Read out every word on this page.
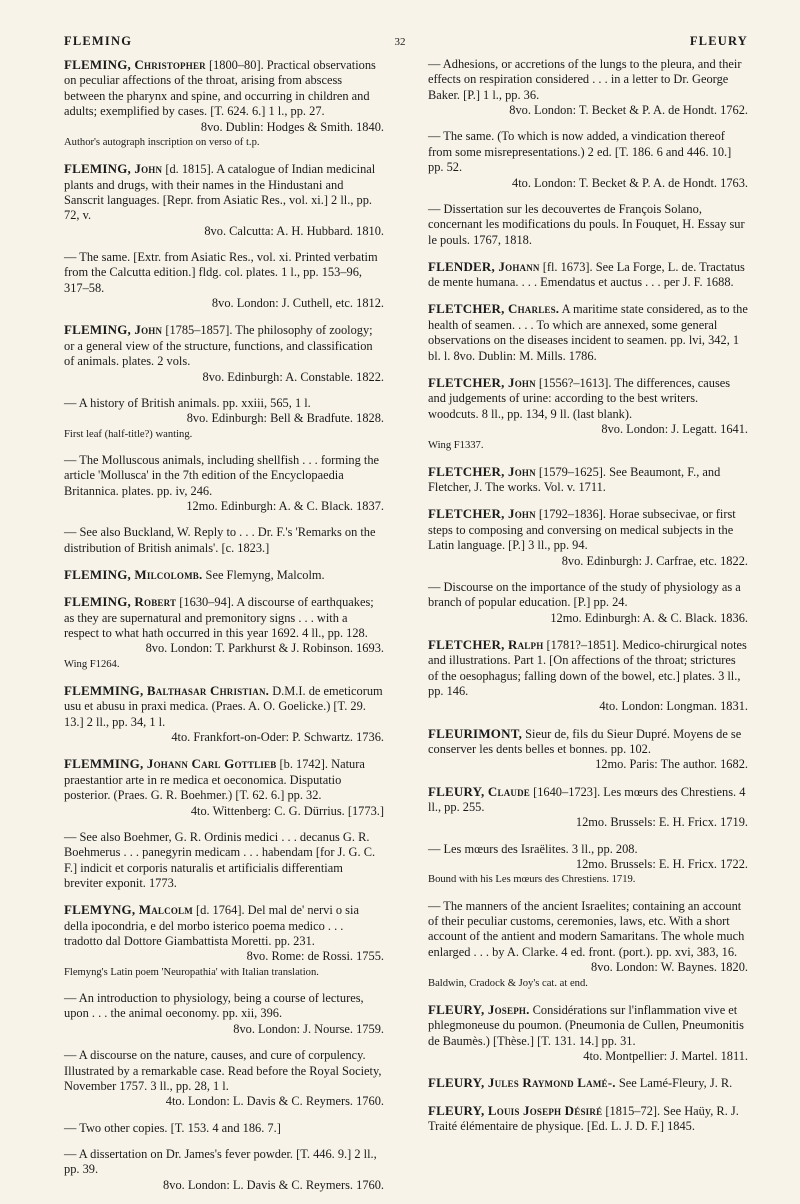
FLEMING	32	FLEURY

FLEMING, Christopher [1800–80]. Practical observations on peculiar affections of the throat, arising from abscess between the pharynx and spine, and occurring in children and adults; exemplified by cases. [T. 624. 6.] 1 l., pp. 27.

8vo. Dublin: Hodges & Smith. 1840.

Author's autograph inscription on verso of t.p.

FLEMING, John [d. 1815]. A catalogue of Indian medicinal plants and drugs, with their names in the Hindustani and Sanscrit languages. [Repr. from Asiatic Res., vol. xi.] 2 ll., pp. 72, v.

8vo. Calcutta: A. H. Hubbard. 1810.

— The same. [Extr. from Asiatic Res., vol. xi. Printed verbatim from the Calcutta edition.] fldg. col. plates. 1 l., pp. 153–96, 317–58.

8vo. London: J. Cuthell, etc. 1812.

FLEMING, John [1785–1857]. The philosophy of zoology; or a general view of the structure, functions, and classification of animals. plates. 2 vols.

8vo. Edinburgh: A. Constable. 1822.

— A history of British animals. pp. xxiii, 565, 1 l.

8vo. Edinburgh: Bell & Bradfute. 1828.

First leaf (half-title?) wanting.

— The Molluscous animals, including shellfish . . . forming the article 'Mollusca' in the 7th edition of the Encyclopaedia Britannica. plates. pp. iv, 246.

12mo. Edinburgh: A. & C. Black. 1837.

— See also Buckland, W. Reply to . . . Dr. F.'s 'Remarks on the distribution of British animals'. [c. 1823.]

FLEMING, Milcolomb. See Flemyng, Malcolm.

FLEMING, Robert [1630–94]. A discourse of earthquakes; as they are supernatural and premonitory signs . . . with a respect to what hath occurred in this year 1692. 4 ll., pp. 128.

8vo. London: T. Parkhurst & J. Robinson. 1693.

Wing F1264.

FLEMMING, Balthasar Christian. D.M.I. de emeticorum usu et abusu in praxi medica. (Praes. A. O. Goelicke.) [T. 29. 13.] 2 ll., pp. 34, 1 l.

4to. Frankfort-on-Oder: P. Schwartz. 1736.

FLEMMING, Johann Carl Gottlieb [b. 1742]. Natura praestantior arte in re medica et oeconomica. Disputatio posterior. (Praes. G. R. Boehmer.) [T. 62. 6.] pp. 32.

4to. Wittenberg: C. G. Dürrius. [1773.]

— See also Boehmer, G. R. Ordinis medici . . . decanus G. R. Boehmerus . . . panegyrin medicam . . . habendam [for J. G. C. F.] indicit et corporis naturalis et artificialis differentiam breviter exponit. 1773.

FLEMYNG, Malcolm [d. 1764]. Del mal de' nervi o sia della ipocondria, e del morbo isterico poema medico . . . tradotto dal Dottore Giambattista Moretti. pp. 231.

8vo. Rome: de Rossi. 1755.

Flemyng's Latin poem 'Neuropathia' with Italian translation.

— An introduction to physiology, being a course of lectures, upon . . . the animal oeconomy. pp. xii, 396.

8vo. London: J. Nourse. 1759.

— A discourse on the nature, causes, and cure of corpulency. Illustrated by a remarkable case. Read before the Royal Society, November 1757. 3 ll., pp. 28, 1 l.

4to. London: L. Davis & C. Reymers. 1760.

— Two other copies. [T. 153. 4 and 186. 7.]

— A dissertation on Dr. James's fever powder. [T. 446. 9.] 2 ll., pp. 39.

8vo. London: L. Davis & C. Reymers. 1760.

— Adhesions, or accretions of the lungs to the pleura, and their effects on respiration considered . . . in a letter to Dr. George Baker. [P.] 1 l., pp. 36.

8vo. London: T. Becket & P. A. de Hondt. 1762.

— The same. (To which is now added, a vindication thereof from some misrepresentations.) 2 ed. [T. 186. 6 and 446. 10.] pp. 52.

4to. London: T. Becket & P. A. de Hondt. 1763.

— Dissertation sur les decouvertes de François Solano, concernant les modifications du pouls. In Fouquet, H. Essay sur le pouls. 1767, 1818.

FLENDER, Johann [fl. 1673]. See La Forge, L. de. Tractatus de mente humana. . . . Emendatus et auctus . . . per J. F. 1688.

FLETCHER, Charles. A maritime state considered, as to the health of seamen. . . . To which are annexed, some general observations on the diseases incident to seamen. pp. lvi, 342, 1 bl. l. 8vo. Dublin: M. Mills. 1786.

FLETCHER, John [1556?–1613]. The differences, causes and judgements of urine: according to the best writers. woodcuts. 8 ll., pp. 134, 9 ll. (last blank).

8vo. London: J. Legatt. 1641.

Wing F1337.

FLETCHER, John [1579–1625]. See Beaumont, F., and Fletcher, J. The works. Vol. v. 1711.

FLETCHER, John [1792–1836]. Horae subsecivae, or first steps to composing and conversing on medical subjects in the Latin language. [P.] 3 ll., pp. 94.

8vo. Edinburgh: J. Carfrae, etc. 1822.

— Discourse on the importance of the study of physiology as a branch of popular education. [P.] pp. 24.

12mo. Edinburgh: A. & C. Black. 1836.

FLETCHER, Ralph [1781?–1851]. Medico-chirurgical notes and illustrations. Part 1. [On affections of the throat; strictures of the oesophagus; falling down of the bowel, etc.] plates. 3 ll., pp. 146.

4to. London: Longman. 1831.

FLEURIMONT, Sieur de, fils du Sieur Dupré. Moyens de se conserver les dents belles et bonnes. pp. 102.

12mo. Paris: The author. 1682.

FLEURY, Claude [1640–1723]. Les mœurs des Chrestiens. 4 ll., pp. 255.

12mo. Brussels: E. H. Fricx. 1719.

— Les mœurs des Israëlites. 3 ll., pp. 208.

12mo. Brussels: E. H. Fricx. 1722.

Bound with his Les mœurs des Chrestiens. 1719.

— The manners of the ancient Israelites; containing an account of their peculiar customs, ceremonies, laws, etc. With a short account of the antient and modern Samaritans. The whole much enlarged . . . by A. Clarke. 4 ed. front. (port.). pp. xvi, 383, 16.

8vo. London: W. Baynes. 1820.

Baldwin, Cradock & Joy's cat. at end.

FLEURY, Joseph. Considérations sur l'inflammation vive et phlegmoneuse du poumon. (Pneumonia de Cullen, Pneumonitis de Baumès.) [Thèse.] [T. 131. 14.] pp. 31.

4to. Montpellier: J. Martel. 1811.

FLEURY, Jules Raymond Lamé-. See Lamé-Fleury, J. R.

FLEURY, Louis Joseph Désiré [1815–72]. See Haüy, R. J. Traité élémentaire de physique. [Ed. L. J. D. F.] 1845.
